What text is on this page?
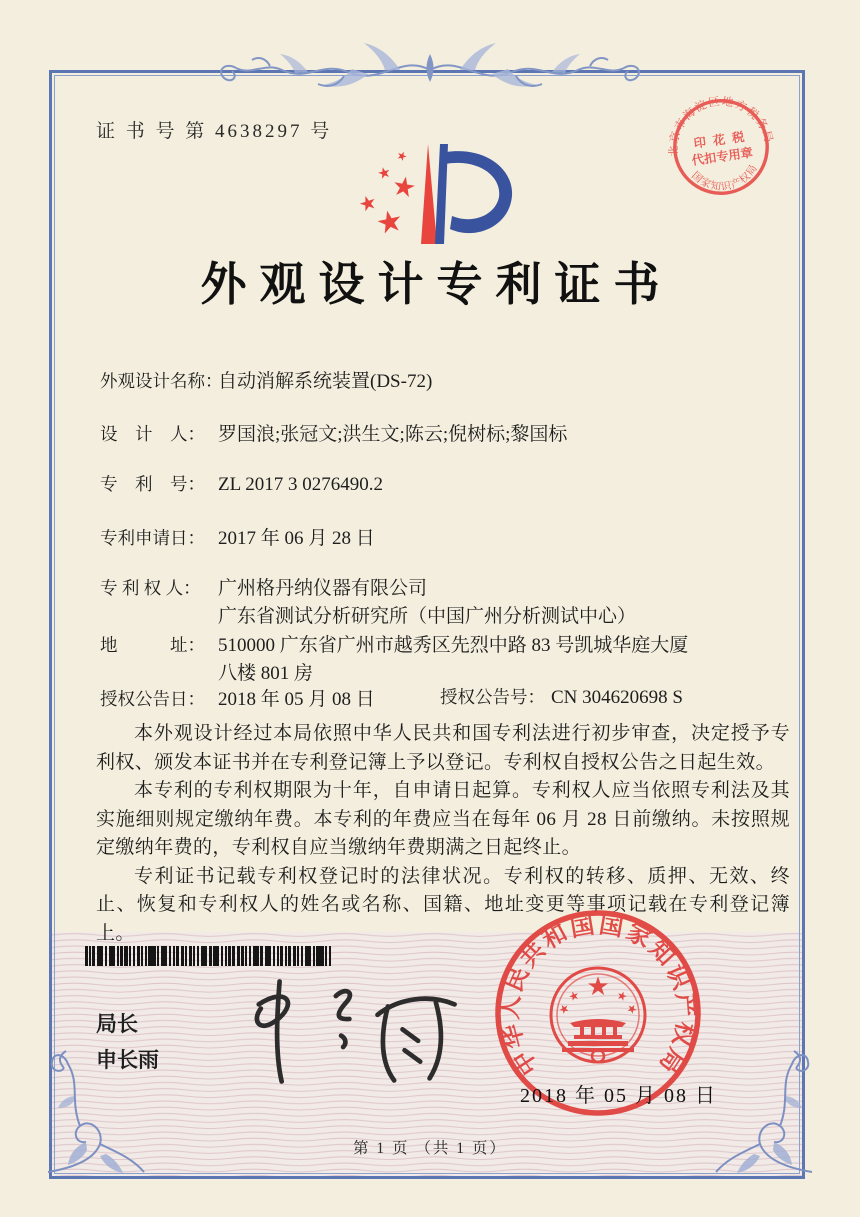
证 书 号 第 4638297 号
北京市海淀区地方税务局
国家知识产权局
印 花 税
代扣专用章
★
★
★
★
★
外观设计专利证书
外观设计名称：自动消解系统装置(DS-72)
设　计　人： 罗国浪;张冠文;洪生文;陈云;倪树标;黎国标
专　利　号： ZL 2017 3 0276490.2
专利申请日： 2017 年 06 月 28 日
专 利 权 人： 广州格丹纳仪器有限公司
广东省测试分析研究所（中国广州分析测试中心）
地　　　址： 510000 广东省广州市越秀区先烈中路 83 号凯城华庭大厦
八楼 801 房
授权公告日： 2018 年 05 月 08 日	授权公告号： CN 304620698 S

本外观设计经过本局依照中华人民共和国专利法进行初步审查，决定授予专利权、颁发本证书并在专利登记簿上予以登记。专利权自授权公告之日起生效。

本专利的专利权期限为十年，自申请日起算。专利权人应当依照专利法及其实施细则规定缴纳年费。本专利的年费应当在每年 06 月 28 日前缴纳。未按照规定缴纳年费的，专利权自应当缴纳年费期满之日起终止。

专利证书记载专利权登记时的法律状况。专利权的转移、质押、无效、终止、恢复和专利权人的姓名或名称、国籍、地址变更等事项记载在专利登记簿上。

局长
申长雨	中华人民共和国国家知识产权局
★
★	★
★	★
2018 年 05 月 08 日
第 1 页 （共 1 页）
